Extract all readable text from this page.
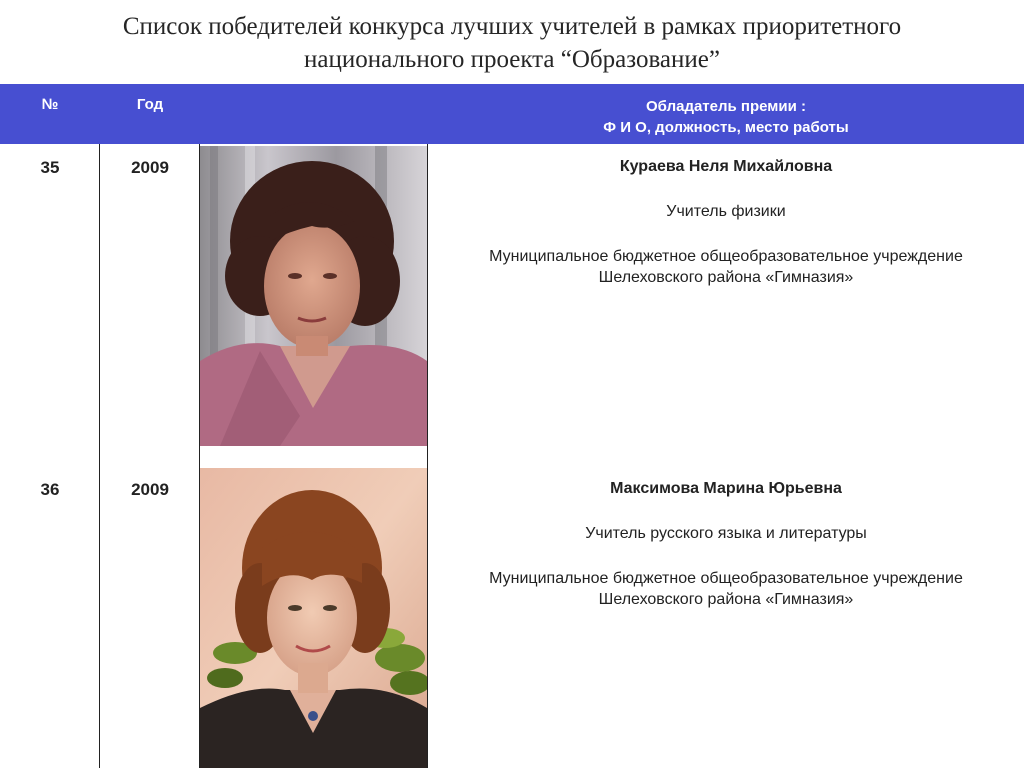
Список победителей конкурса лучших учителей в рамках приоритетного
национального проекта “Образование”
№	Год	Обладатель премии :
Ф И О, должность, место работы
35	2009	Кураева Неля Михайловна
Учитель физики
Муниципальное бюджетное общеобразовательное учреждение
Шелеховского района «Гимназия»
36	2009	Максимова Марина Юрьевна
Учитель русского языка и литературы
Муниципальное бюджетное общеобразовательное учреждение
Шелеховского района «Гимназия»
